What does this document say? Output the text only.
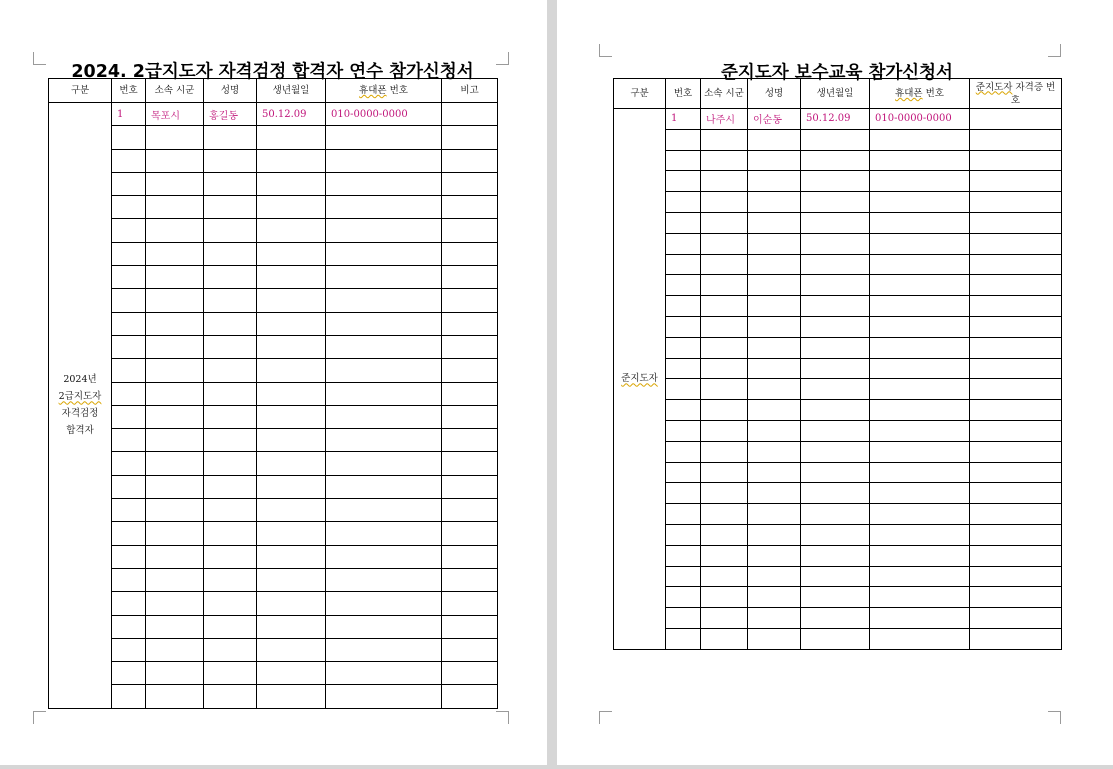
2024. 2급지도자 자격검정 합격자 연수 참가신청서
구분	번호	소속 시군	성명	생년월일	휴대폰 번호	비고

2024년
2급지도자
자격검정
합격자	1	목포시	홍길동	50.12.09	010-0000-0000	

준지도자 보수교육 참가신청서
구분	번호	소속 시군	성명	생년월일	휴대폰 번호	준지도자 자격증 번호
준지도자	1	나주시	이순동	50.12.09	010-0000-0000	
